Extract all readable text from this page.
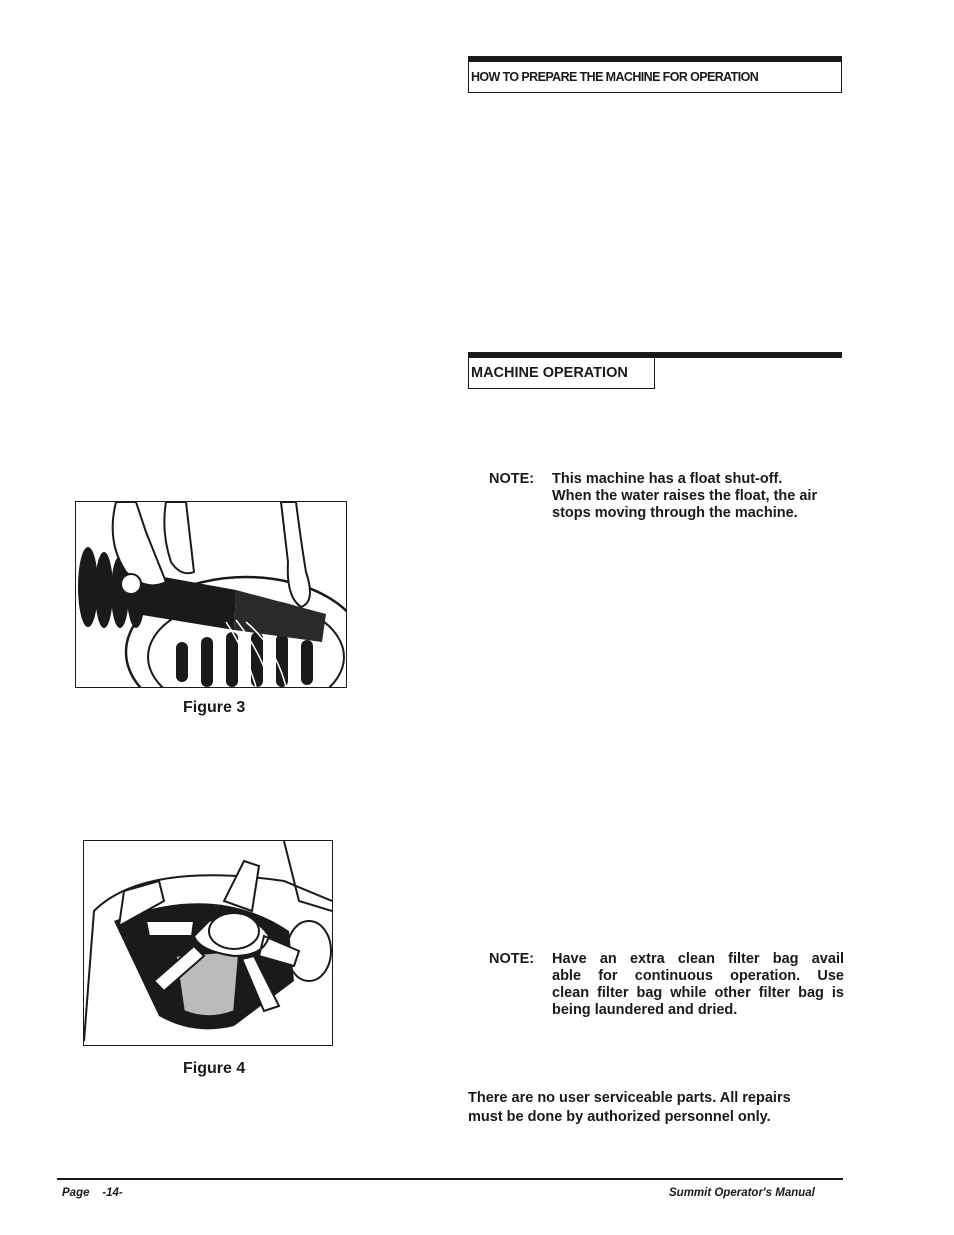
HOW TO PREPARE THE MACHINE FOR OPERATION
MACHINE OPERATION
NOTE: This machine has a float shut-off.
When the water raises the float, the air
stops moving through the machine.
Figure 3
Figure 4
NOTE: Have an extra clean filter bag avail
able for continuous operation. Use
clean filter bag while other filter bag is
being laundered and dried.
There are no user serviceable parts. All repairs
must be done by authorized personnel only.
Page    -14-	Summit Operator's Manual
